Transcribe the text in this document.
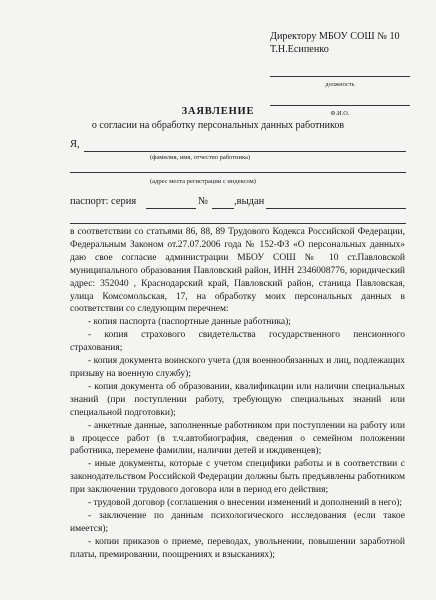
Директору МБОУ СОШ № 10
Т.Н.Есипенко
должность
Ф.И.О.
ЗАЯВЛЕНИЕ
о согласии на обработку персональных данных работников
Я,
(фамилия, имя, отчество работника)
(адрес места регистрации с индексом)
паспорт: серия	№ ,выдан

в соответствии со статьями 86, 88, 89 Трудового Кодекса Российской Федерации, Федеральным Законом от.27.07.2006 года № 152-ФЗ «О персональных данных» даю свое согласие администрации МБОУ СОШ № 10 ст.Павловской муниципального образования Павловский район, ИНН 2346008776, юридический адрес: 352040 , Краснодарский край, Павловский район, станица Павловская, улица Комсомольская, 17, на обработку моих персональных данных в соответствии со следующим перечнем:

- копия паспорта (паспортные данные работника);

- копия страхового свидетельства государственного пенсионного страхования;

- копия документа воинского учета (для военнообязанных и лиц, подлежащих призыву на военную службу);

- копия документа об образовании, квалификации или наличии специальных знаний (при поступлении работу, требующую специальных знаний или специальной подготовки);

- анкетные данные, заполненные работником при поступлении на работу или в процессе работ (в т.ч.автобиография, сведения о семейном положении работника, перемене фамилии, наличии детей и иждивенцев);

- иные документы, которые с учетом специфики работы и в соответствии с законодательством Российской Федерации должны быть предъявлены работником при заключении трудового договора или в период его действия;

- трудовой договор (соглашения о внесении изменений и дополнений в него);

- заключение по данным психологического исследования (если такое имеется);

- копии приказов о приеме, переводах, увольнении, повышении заработной платы, премировании, поощрениях и взысканиях);
